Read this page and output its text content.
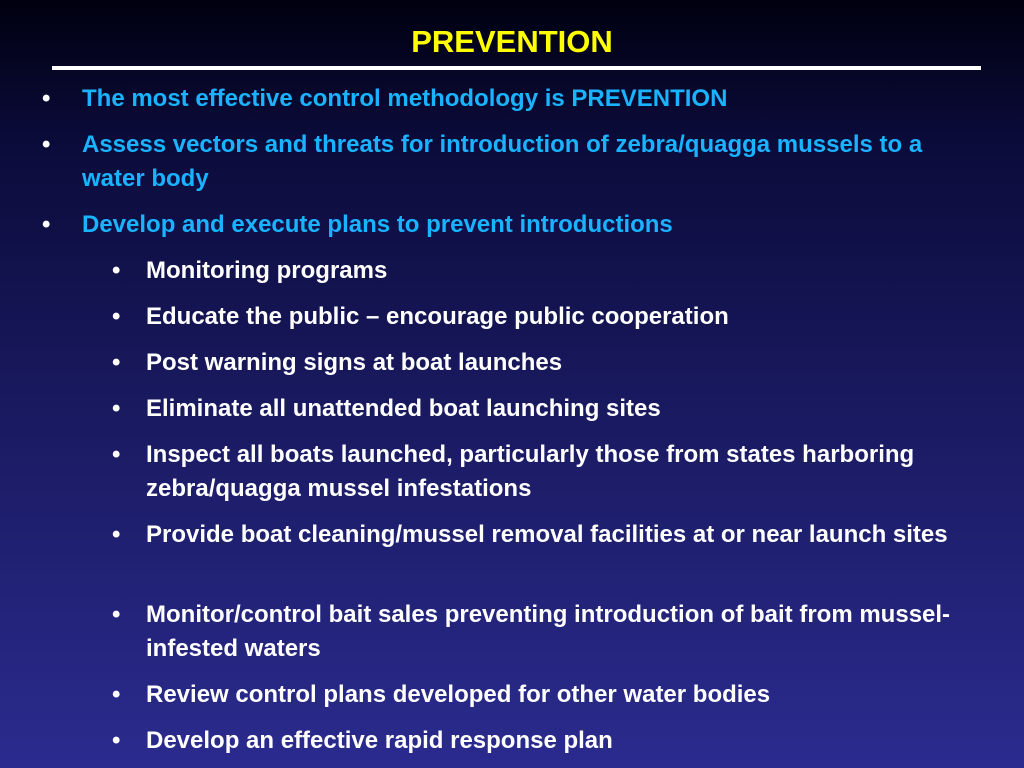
PREVENTION
•	The most effective control methodology is PREVENTION
•	Assess vectors and threats for introduction of zebra/quagga mussels to a water body
•	Develop and execute plans to prevent introductions
•	Monitoring programs
•	Educate the public – encourage public cooperation
•	Post warning signs at boat launches
•	Eliminate all unattended boat launching sites
•	Inspect all boats launched, particularly those from states harboring zebra/quagga mussel infestations
•	Provide boat cleaning/mussel removal facilities at or near launch sites
•	Monitor/control bait sales preventing introduction of bait from mussel-infested waters
•	Review control plans developed for other water bodies
•	Develop an effective rapid response plan
